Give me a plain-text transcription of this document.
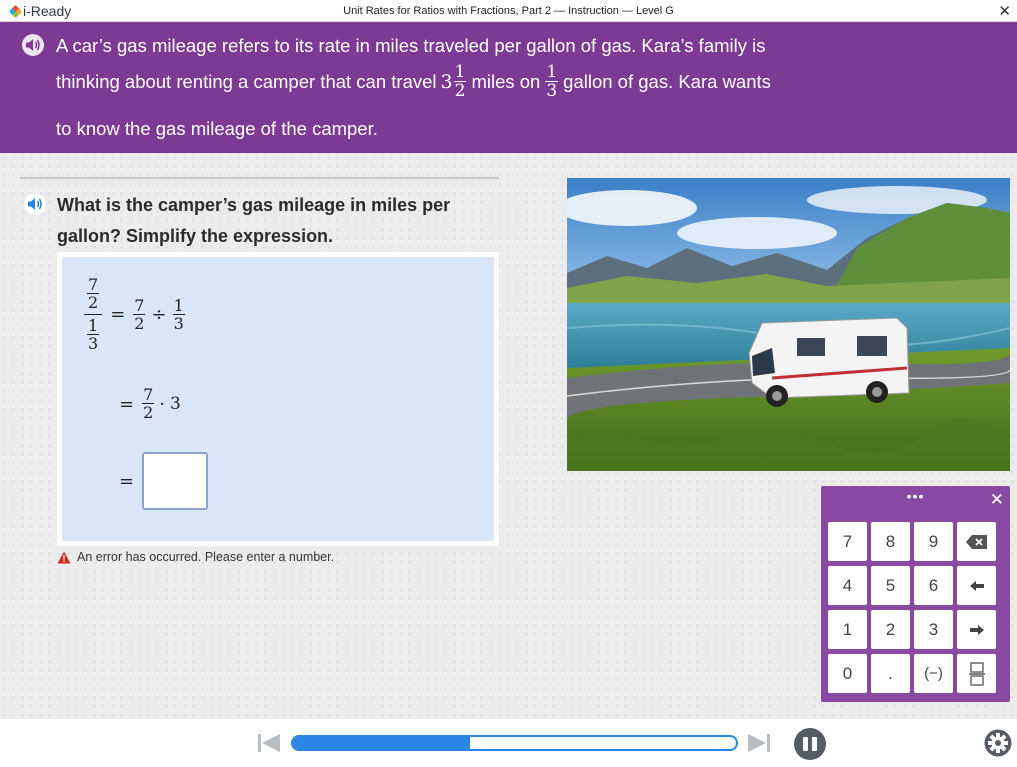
i-Ready	Unit Rates for Ratios with Fractions, Part 2 — Instruction — Level G	✕
A car’s gas mileage refers to its rate in miles traveled per gallon of gas. Kara’s family is
thinking about renting a camper that can travel $3 \frac{1}{2}$ miles on $\frac{1}{3}$ gallon of gas. Kara wants
to know the gas mileage of the camper.
What is the camper’s gas mileage in miles per gallon? Simplify the expression.
$\frac{\frac{7}{2}}{\frac{1}{3}} = \frac{7}{2} \div \frac{1}{3}$
= $\frac{7}{2} \cdot 3$
=
An error has occurred. Please enter a number.
•••	✕
7	8	9
4	5	6
1	2	3
0	.	(−)
